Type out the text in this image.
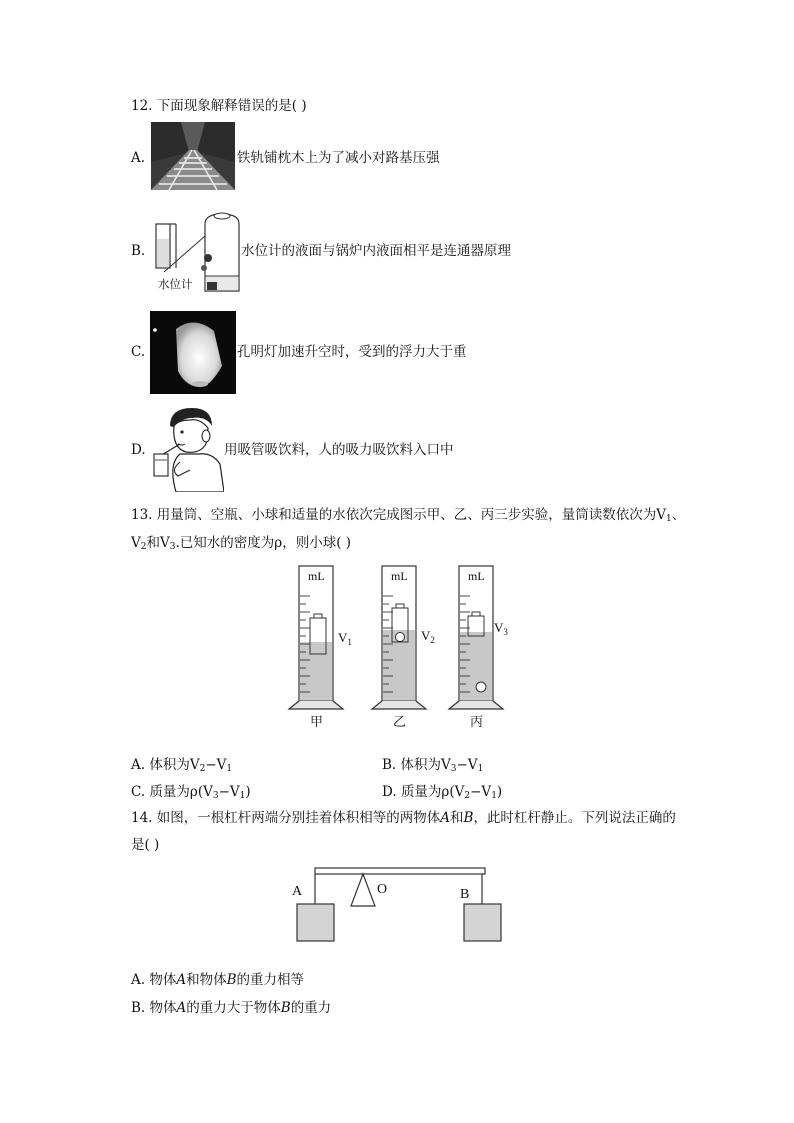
12. 下面现象解释错误的是( )
A.	铁轨铺枕木上为了减小对路基压强
B.
水位计
水位计的液面与锅炉内液面相平是连通器原理
C.	孔明灯加速升空时，受到的浮力大于重
D.	用吸管吸饮料，人的吸力吸饮料入口中
13. 用量筒、空瓶、小球和适量的水依次完成图示甲、乙、丙三步实验，量筒读数依次为$V_1$、
$V_2$和$V_3$.已知水的密度为ρ，则小球( )
mL
$V_1$
甲
mL
$V_2$
乙
mL
$V_3$
丙
A. 体积为$V_2-V_1$	B. 体积为$V_3-V_1$
C. 质量为$\rho(V_3-V_1)$	D. 质量为$\rho(V_2-V_1)$
14. 如图，一根杠杆两端分别挂着体积相等的两物体A和B，此时杠杆静止。下列说法正确的
是( )
A	O	B
A. 物体A和物体B的重力相等
B. 物体A的重力大于物体B的重力
